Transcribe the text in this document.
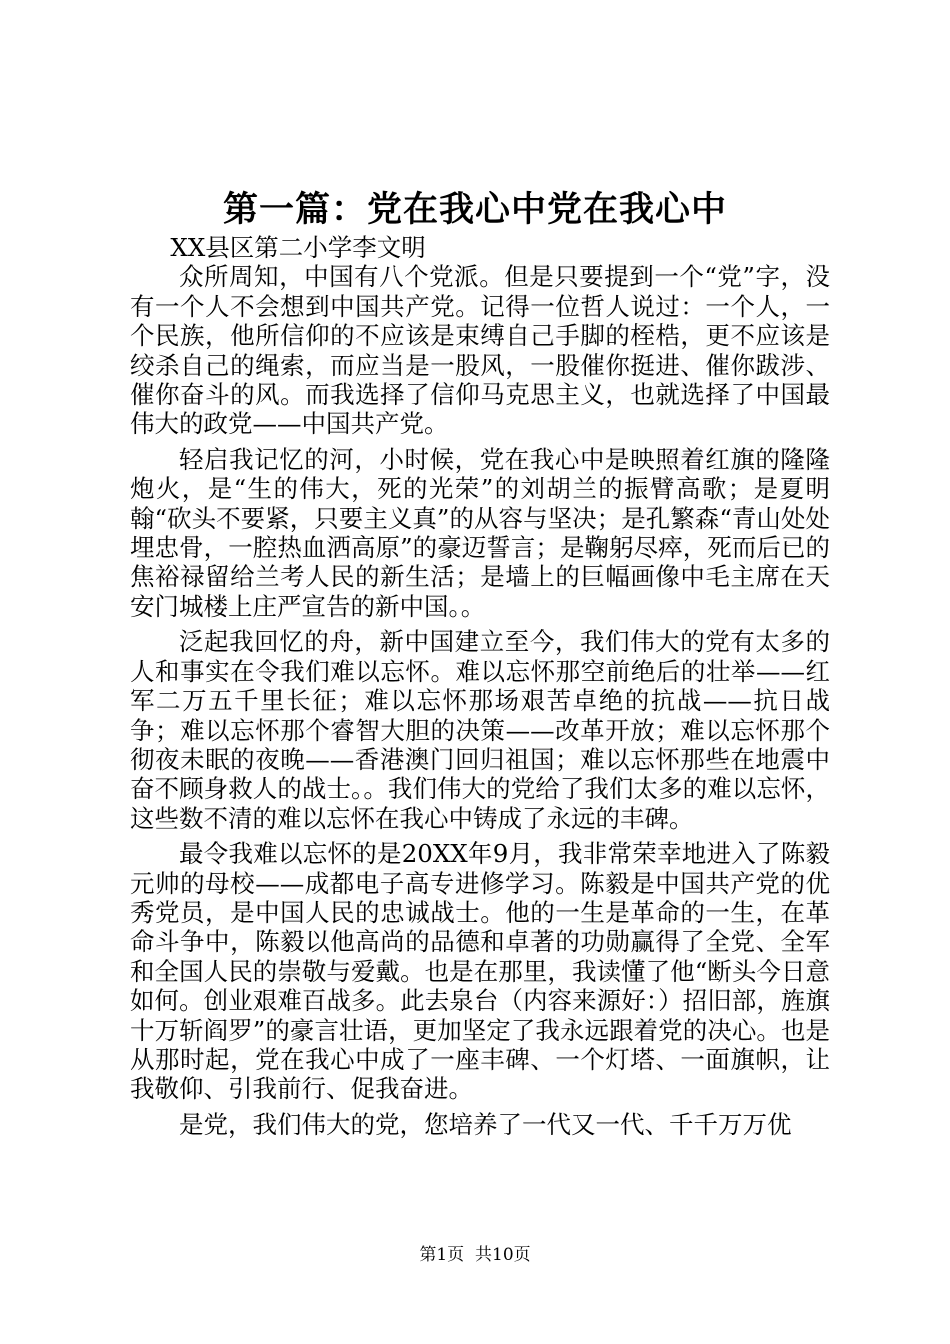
第一篇：党在我心中党在我心中

XX县区第二小学李文明

众所周知，中国有八个党派。但是只要提到一个“党”字，没有一个人不会想到中国共产党。记得一位哲人说过：一个人，一个民族，他所信仰的不应该是束缚自己手脚的桎梏，更不应该是绞杀自己的绳索，而应当是一股风，一股催你挺进、催你跋涉、催你奋斗的风。而我选择了信仰马克思主义，也就选择了中国最伟大的政党——中国共产党。

轻启我记忆的河，小时候，党在我心中是映照着红旗的隆隆炮火，是“生的伟大，死的光荣”的刘胡兰的振臂高歌；是夏明翰“砍头不要紧，只要主义真”的从容与坚决；是孔繁森“青山处处埋忠骨，一腔热血洒高原”的豪迈誓言；是鞠躬尽瘁，死而后已的焦裕禄留给兰考人民的新生活；是墙上的巨幅画像中毛主席在天安门城楼上庄严宣告的新中国。。

泛起我回忆的舟，新中国建立至今，我们伟大的党有太多的人和事实在令我们难以忘怀。难以忘怀那空前绝后的壮举——红军二万五千里长征；难以忘怀那场艰苦卓绝的抗战——抗日战争；难以忘怀那个睿智大胆的决策——改革开放；难以忘怀那个彻夜未眠的夜晚——香港澳门回归祖国；难以忘怀那些在地震中奋不顾身救人的战士。。我们伟大的党给了我们太多的难以忘怀，这些数不清的难以忘怀在我心中铸成了永远的丰碑。

最令我难以忘怀的是20XX年9月，我非常荣幸地进入了陈毅元帅的母校——成都电子高专进修学习。陈毅是中国共产党的优秀党员，是中国人民的忠诚战士。他的一生是革命的一生，在革命斗争中，陈毅以他高尚的品德和卓著的功勋赢得了全党、全军和全国人民的崇敬与爱戴。也是在那里，我读懂了他“断头今日意如何。创业艰难百战多。此去泉台（内容来源好：）招旧部，旌旗十万斩阎罗”的豪言壮语，更加坚定了我永远跟着党的决心。也是从那时起，党在我心中成了一座丰碑、一个灯塔、一面旗帜，让我敬仰、引我前行、促我奋进。

是党，我们伟大的党，您培养了一代又一代、千千万万优

第1页 共10页
